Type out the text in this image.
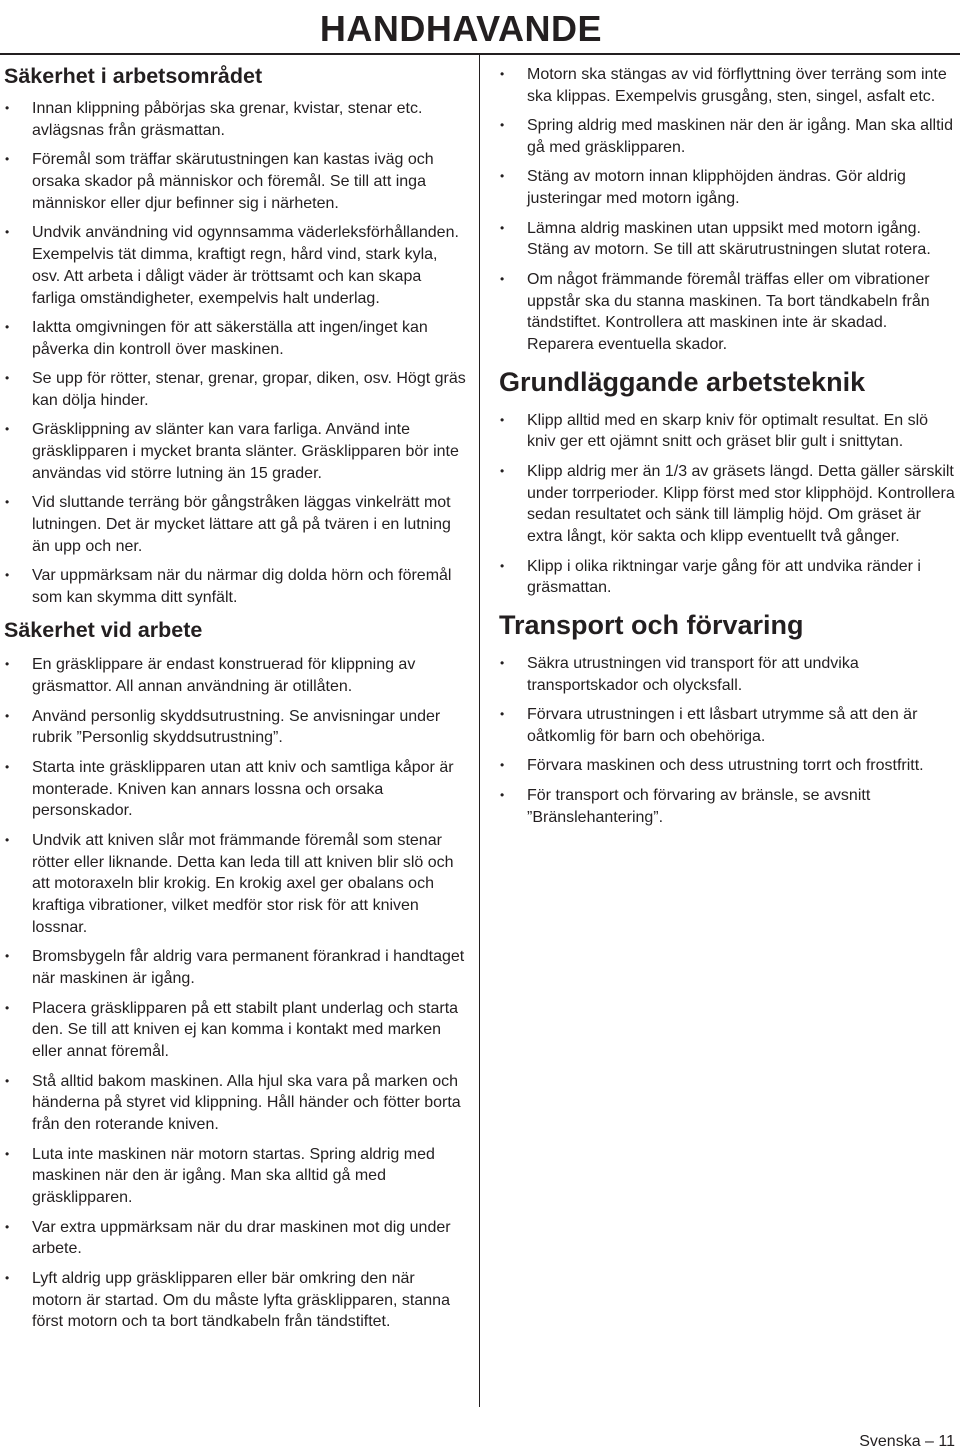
HANDHAVANDE
Säkerhet i arbetsområdet
• Innan klippning påbörjas ska grenar, kvistar, stenar etc. avlägsnas från gräsmattan.
• Föremål som träffar skärutustningen kan kastas iväg och orsaka skador på människor och föremål. Se till att inga människor eller djur befinner sig i närheten.
• Undvik användning vid ogynnsamma väderleksförhållanden. Exempelvis tät dimma, kraftigt regn, hård vind, stark kyla, osv. Att arbeta i dåligt väder är tröttsamt och kan skapa farliga omständigheter, exempelvis halt underlag.
• Iaktta omgivningen för att säkerställa att ingen/inget kan påverka din kontroll över maskinen.
• Se upp för rötter, stenar, grenar, gropar, diken, osv. Högt gräs kan dölja hinder.
• Gräsklippning av slänter kan vara farliga. Använd inte gräsklipparen i mycket branta slänter. Gräsklipparen bör inte användas vid större lutning än 15 grader.
• Vid sluttande terräng bör gångstråken läggas vinkelrätt mot lutningen. Det är mycket lättare att gå på tvären i en lutning än upp och ner.
• Var uppmärksam när du närmar dig dolda hörn och föremål som kan skymma ditt synfält.
Säkerhet vid arbete
• En gräsklippare är endast konstruerad för klippning av gräsmattor. All annan användning är otillåten.
• Använd personlig skyddsutrustning. Se anvisningar under rubrik ”Personlig skyddsutrustning”.
• Starta inte gräsklipparen utan att kniv och samtliga kåpor är monterade. Kniven kan annars lossna och orsaka personskador.
• Undvik att kniven slår mot främmande föremål som stenar rötter eller liknande. Detta kan leda till att kniven blir slö och att motoraxeln blir krokig. En krokig axel ger obalans och kraftiga vibrationer, vilket medför stor risk för att kniven lossnar.
• Bromsbygeln får aldrig vara permanent förankrad i handtaget när maskinen är igång.
• Placera gräsklipparen på ett stabilt plant underlag och starta den. Se till att kniven ej kan komma i kontakt med marken eller annat föremål.
• Stå alltid bakom maskinen. Alla hjul ska vara på marken och händerna på styret vid klippning. Håll händer och fötter borta från den roterande kniven.
• Luta inte maskinen när motorn startas. Spring aldrig med maskinen när den är igång. Man ska alltid gå med gräsklipparen.
• Var extra uppmärksam när du drar maskinen mot dig under arbete.
• Lyft aldrig upp gräsklipparen eller bär omkring den när motorn är startad. Om du måste lyfta gräsklipparen, stanna först motorn och ta bort tändkabeln från tändstiftet.
• Motorn ska stängas av vid förflyttning över terräng som inte ska klippas. Exempelvis grusgång, sten, singel, asfalt etc.
• Spring aldrig med maskinen när den är igång. Man ska alltid gå med gräsklipparen.
• Stäng av motorn innan klipphöjden ändras. Gör aldrig justeringar med motorn igång.
• Lämna aldrig maskinen utan uppsikt med motorn igång. Stäng av motorn. Se till att skärutrustningen slutat rotera.
• Om något främmande föremål träffas eller om vibrationer uppstår ska du stanna maskinen. Ta bort tändkabeln från tändstiftet. Kontrollera att maskinen inte är skadad. Reparera eventuella skador.
Grundläggande arbetsteknik
• Klipp alltid med en skarp kniv för optimalt resultat. En slö kniv ger ett ojämnt snitt och gräset blir gult i snittytan.
• Klipp aldrig mer än 1/3 av gräsets längd. Detta gäller särskilt under torrperioder. Klipp först med stor klipphöjd. Kontrollera sedan resultatet och sänk till lämplig höjd. Om gräset är extra långt, kör sakta och klipp eventuellt två gånger.
• Klipp i olika riktningar varje gång för att undvika ränder i gräsmattan.
Transport och förvaring
• Säkra utrustningen vid transport för att undvika transportskador och olycksfall.
• Förvara utrustningen i ett låsbart utrymme så att den är oåtkomlig för barn och obehöriga.
• Förvara maskinen och dess utrustning torrt och frostfritt.
• För transport och förvaring av bränsle, se avsnitt ”Bränslehantering”.
Svenska – 11
